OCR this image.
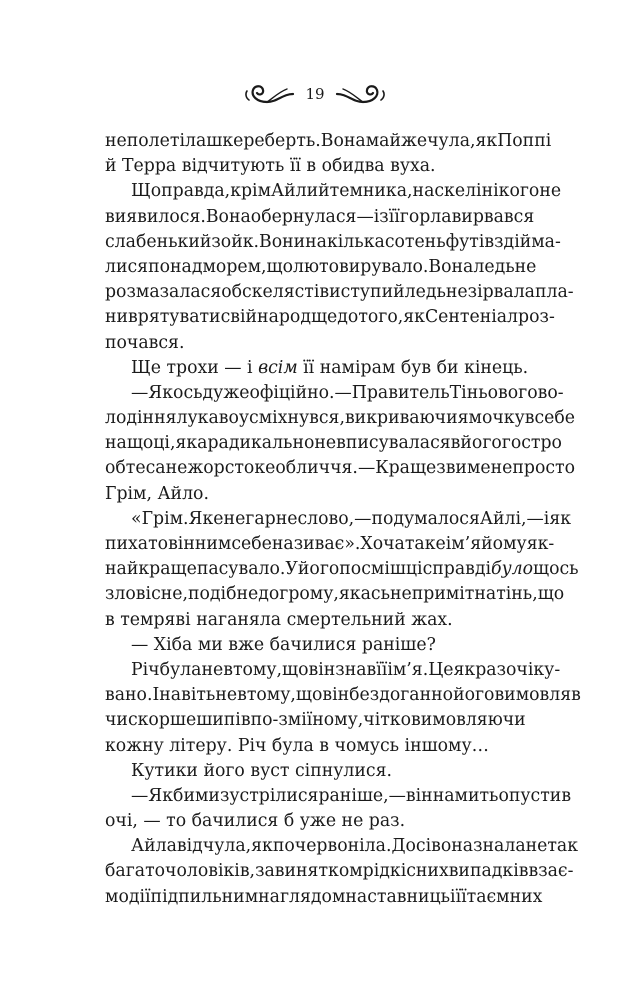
19
не полетіла шкереберть. Вона майже чула, як Поппі
й Терра відчитують її в обидва вуха.
Щоправда, крім Айли й темника, на скелі нікого не
виявилося. Вона обернулася — і з її горла вирвався
слабенький зойк. Вони на кілька сотень футів здійма-
лися понад морем, що люто вирувало. Вона ледь не
розмазалася об скелясті виступи й ледь не зірвала пла-
ни врятувати свій народ ще до того, як Сентеніал роз-
почався.
Ще трохи — і всім її намірам був би кінець.
— Якось дуже офіційно. — Правитель Тіньового во-
лодіння лукаво усміхнувся, викриваючи ямочку в себе
на щоці, яка радикально не вписувалася в його гостро
обтесане жорстоке обличчя. — Краще зви мене просто
Грім, Айло.
«Грім. Яке негарне слово, — подумалося Айлі, — і як
пихато він ним себе називає». Хоча таке ім’я йому як-
найкраще пасувало. У його посмішці справді було щось
зловісне, подібне до грому, якась непримітна тінь, що
в темряві наганяла смертельний жах.
— Хіба ми вже бачилися раніше?
Річ була не в тому, що він знав її ім’я. Це якраз очіку-
вано. І навіть не в тому, що він бездоганно його вимовляв
чи скорше шипів по-зміїному, чітко вимовляючи
кожну літеру. Річ була в чомусь іншому…
Кутики його вуст сіпнулися.
— Якби ми зустрілися раніше, — він на мить опустив
очі, — то бачилися б уже не раз.
Айла відчула, як почервоніла. Досі вона знала не так
багато чоловіків, за винятком рідкісних випадків взає-
модії під пильним наглядом наставниць і її таємних
